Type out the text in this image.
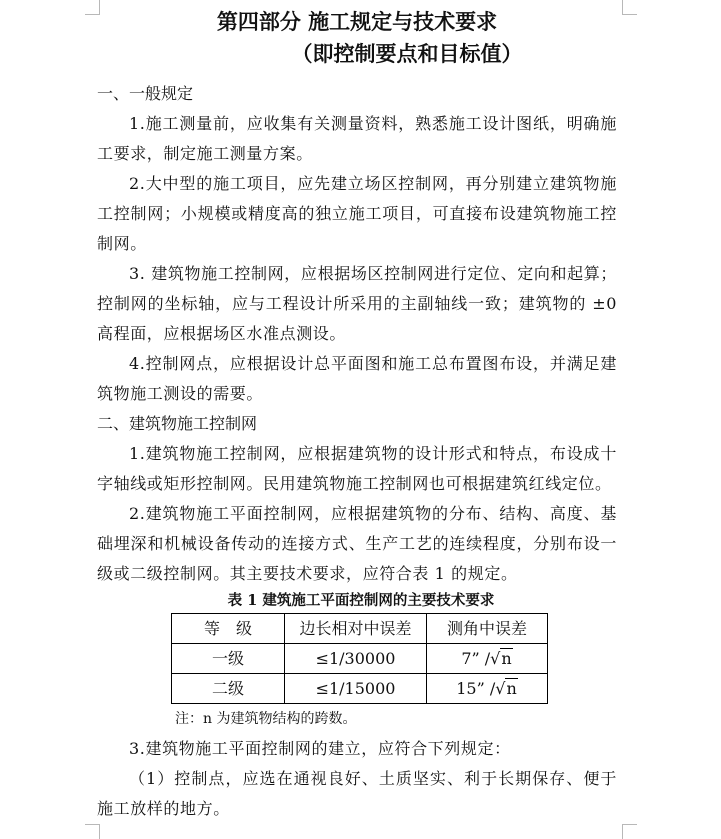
第四部分 施工规定与技术要求
（即控制要点和目标值）
一、一般规定
1.施工测量前，应收集有关测量资料，熟悉施工设计图纸，明确施工要求，制定施工测量方案。
2.大中型的施工项目，应先建立场区控制网，再分别建立建筑物施工控制网；小规模或精度高的独立施工项目，可直接布设建筑物施工控制网。
3. 建筑物施工控制网，应根据场区控制网进行定位、定向和起算；控制网的坐标轴，应与工程设计所采用的主副轴线一致；建筑物的 ±0 高程面，应根据场区水准点测设。
4.控制网点，应根据设计总平面图和施工总布置图布设，并满足建筑物施工测设的需要。
二、建筑物施工控制网
1.建筑物施工控制网，应根据建筑物的设计形式和特点，布设成十字轴线或矩形控制网。民用建筑物施工控制网也可根据建筑红线定位。
2.建筑物施工平面控制网，应根据建筑物的分布、结构、高度、基础埋深和机械设备传动的连接方式、生产工艺的连续程度，分别布设一级或二级控制网。其主要技术要求，应符合表 1 的规定。
表 1 建筑施工平面控制网的主要技术要求
等　级	边长相对中误差	测角中误差
一级	≤1/30000	7” /√n
二级	≤1/15000	15” /√n
注：n 为建筑物结构的跨数。
3.建筑物施工平面控制网的建立，应符合下列规定：
（1）控制点，应选在通视良好、土质坚实、利于长期保存、便于施工放样的地方。
